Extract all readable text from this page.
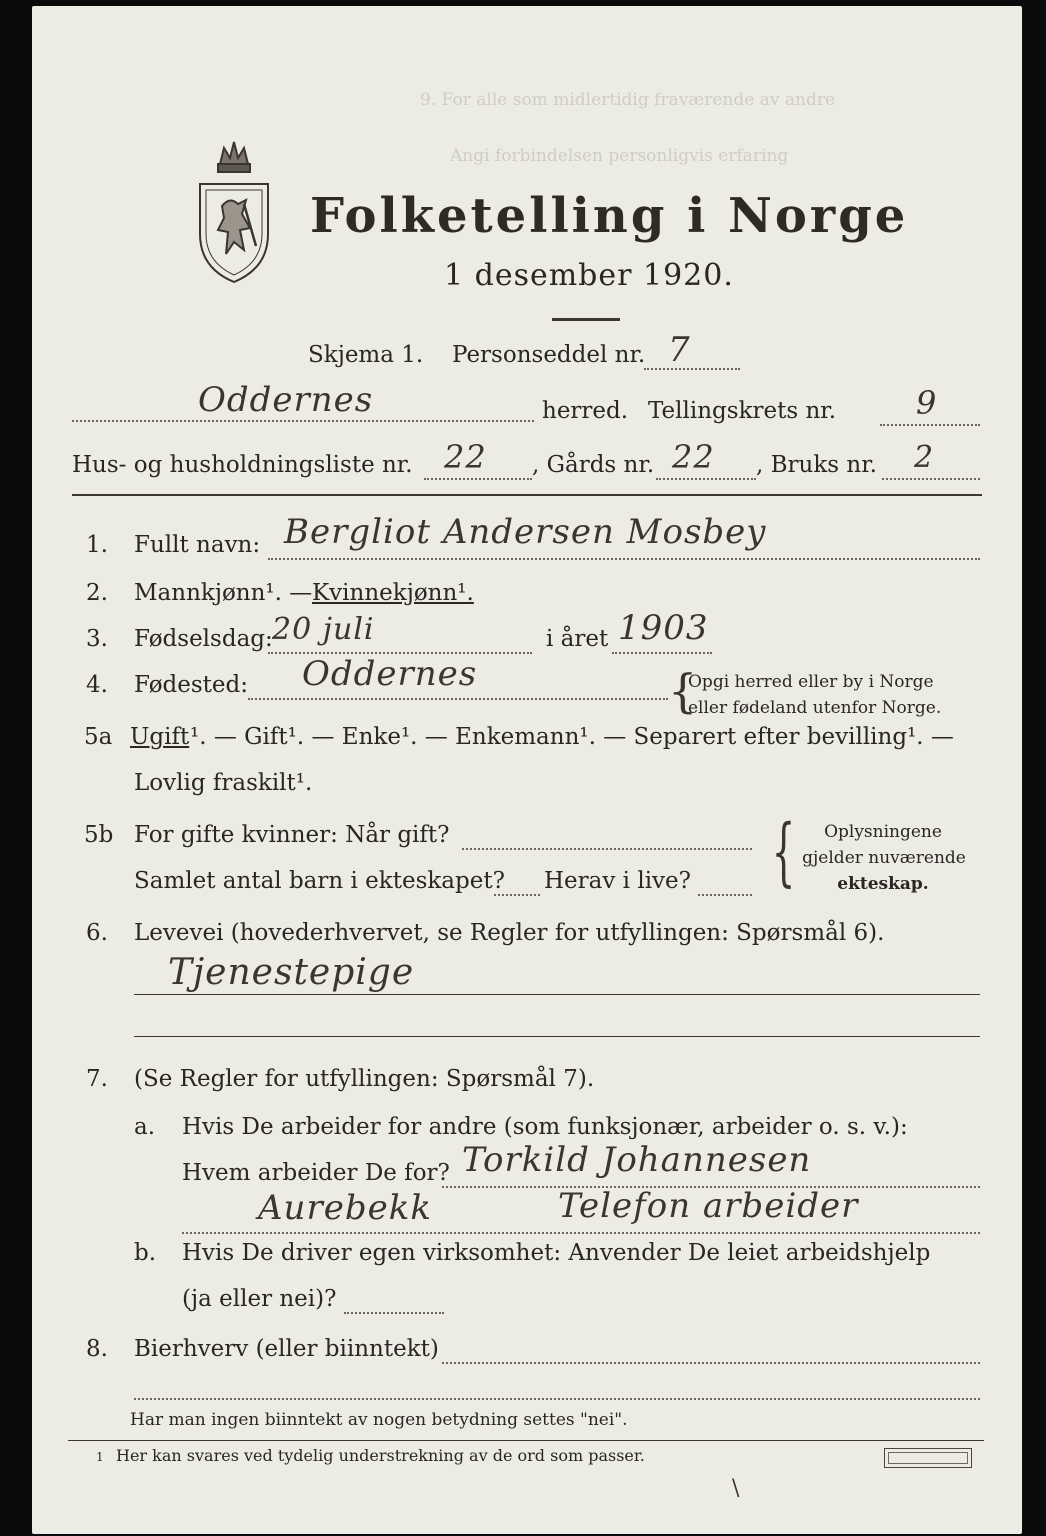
9. For alle som midlertidig fraværende av andre
Angi forbindelsen personligvis erfaring
Folketelling i Norge
1 desember 1920.
Skjema 1. Personseddel nr. 7
Oddernes	herred. Tellingskrets nr. 9
Hus- og husholdningsliste nr. 22 , Gårds nr. 22 , Bruks nr. 2
1. Fullt navn: Bergliot Andersen Mosbey
2. Mannkjønn¹. — Kvinnekjønn¹.
3. Fødselsdag: 20 juli	i året 1903
4. Fødested: Oddernes	{
Opgi herred eller by i Norge
eller fødeland utenfor Norge.
5a Ugift ¹. — Gift¹. — Enke¹. — Enkemann¹. — Separert efter bevilling¹. —
Lovlig fraskilt¹.
5b For gifte kvinner: Når gift?
Samlet antal barn i ekteskapet? Herav i live? {	Oplysningene
gjelder nuværende
ekteskap.
6. Levevei (hovederhvervet, se Regler for utfyllingen: Spørsmål 6).
Tjenestepige
7. (Se Regler for utfyllingen: Spørsmål 7).
a. Hvis De arbeider for andre (som funksjonær, arbeider o. s. v.):
Hvem arbeider De for? Torkild Johannesen
Aurebekk	Telefon arbeider
b. Hvis De driver egen virksomhet: Anvender De leiet arbeidshjelp
(ja eller nei)?
8. Bierhverv (eller biinntekt)
Har man ingen biinntekt av nogen betydning settes "nei".
1 Her kan svares ved tydelig understrekning av de ord som passer.
\
